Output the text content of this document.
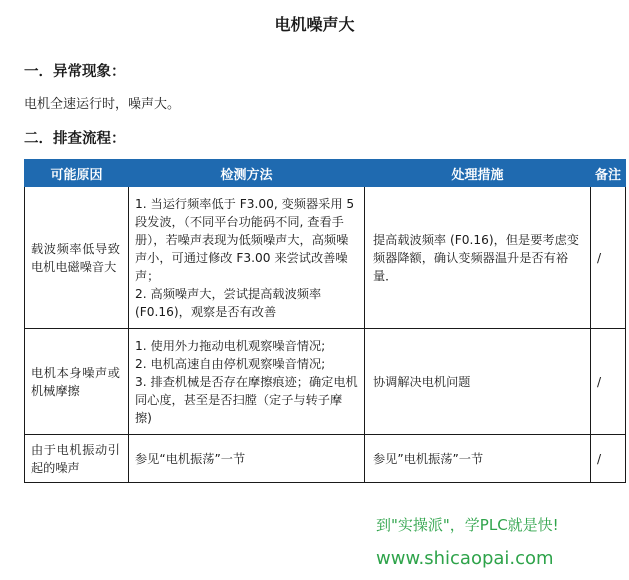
电机噪声大
一．异常现象：
电机全速运行时，噪声大。
二．排查流程：
可能原因	检测方法	处理措施	备注
载波频率低导致电机电磁噪音大	1. 当运行频率低于 F3.00, 变频器采用 5 段发波，（不同平台功能码不同, 查看手册），若噪声表现为低频噪声大，高频噪声小，可通过修改 F3.00 来尝试改善噪声；
2. 高频噪声大，尝试提高载波频率 (F0.16)，观察是否有改善	提高载波频率 (F0.16)，但是要考虑变频器降额，确认变频器温升是否有裕量．	/
电机本身噪声或机械摩擦	1. 使用外力拖动电机观察噪音情况;
2. 电机高速自由停机观察噪音情况;
3. 排查机械是否存在摩擦痕迹；确定电机同心度，甚至是否扫膛（定子与转子摩擦)	协调解决电机问题	/
由于电机振动引起的噪声	参见“电机振荡”一节	参见”电机振荡”一节	/
到"实操派"，学PLC就是快!
www.shicaopai.com
